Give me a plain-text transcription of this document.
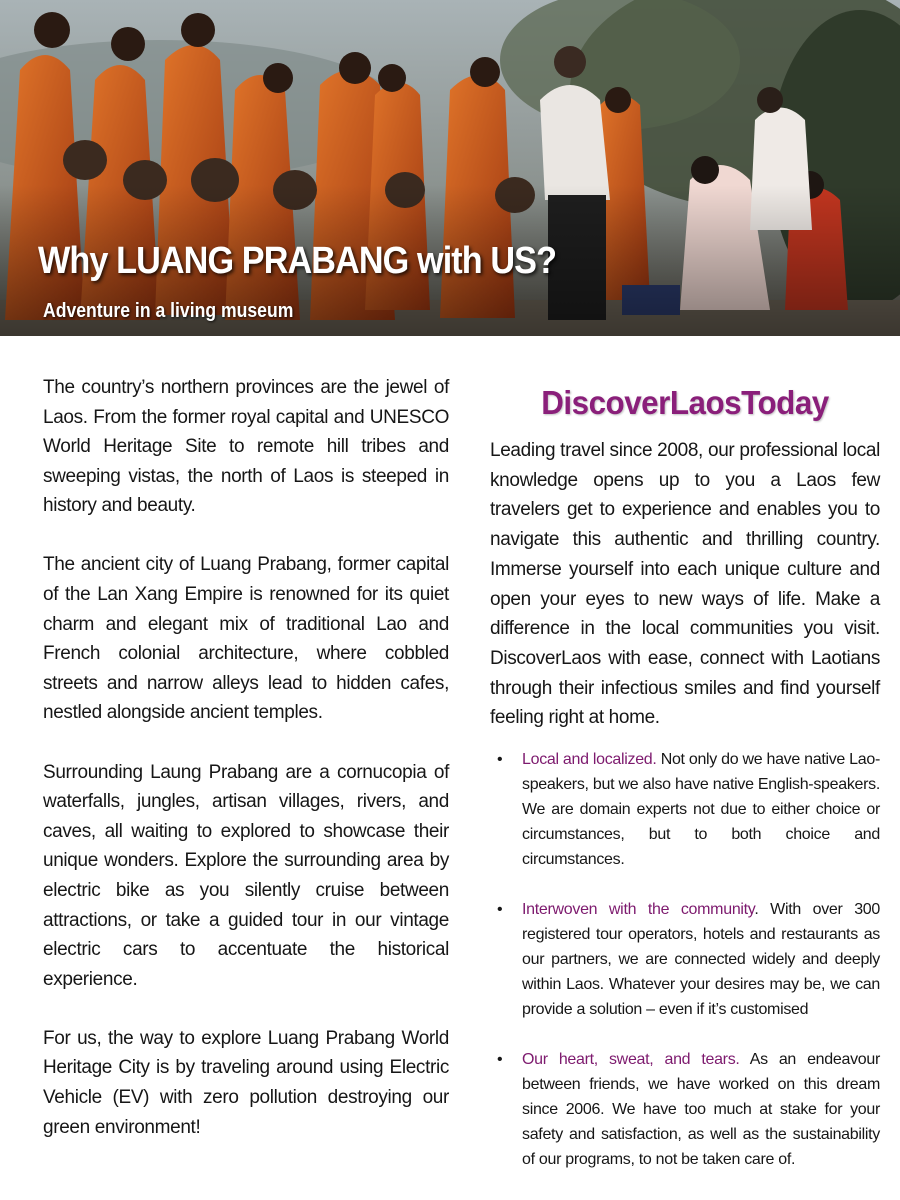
Why LUANG PRABANG with US?
Adventure in a living museum

The country’s northern provinces are the jewel of Laos. From the former royal capital and UNESCO World Heritage Site to remote hill tribes and sweeping vistas, the north of Laos is steeped in history and beauty.

The ancient city of Luang Prabang, former capital of the Lan Xang Empire is renowned for its quiet charm and elegant mix of traditional Lao and French colonial architecture, where cobbled streets and narrow alleys lead to hidden cafes, nestled alongside ancient temples.

Surrounding Laung Prabang are a cornucopia of waterfalls, jungles, artisan villages, rivers, and caves, all waiting to explored to showcase their unique wonders. Explore the surrounding area by electric bike as you silently cruise between attractions, or take a guided tour in our vintage electric cars to accentuate the historical experience.

For us, the way to explore Luang Prabang World Heritage City is by traveling around using Electric Vehicle (EV) with zero pollution destroying our green environment!

DiscoverLaosToday

Leading travel since 2008, our professional local knowledge opens up to you a Laos few travelers get to experience and enables you to navigate this authentic and thrilling country. Immerse yourself into each unique culture and open your eyes to new ways of life. Make a difference in the local communities you visit. DiscoverLaos with ease, connect with Laotians through their infectious smiles and find yourself feeling right at home.

• Local and localized. Not only do we have native Lao-speakers, but we also have native English-speakers. We are domain experts not due to either choice or circumstances, but to both choice and circumstances.
• Interwoven with the community. With over 300 registered tour operators, hotels and restaurants as our partners, we are connected widely and deeply within Laos. Whatever your desires may be, we can provide a solution – even if it’s customised
• Our heart, sweat, and tears. As an endeavour between friends, we have worked on this dream since 2006. We have too much at stake for your safety and satisfaction, as well as the sustainability of our programs, to not be taken care of.
